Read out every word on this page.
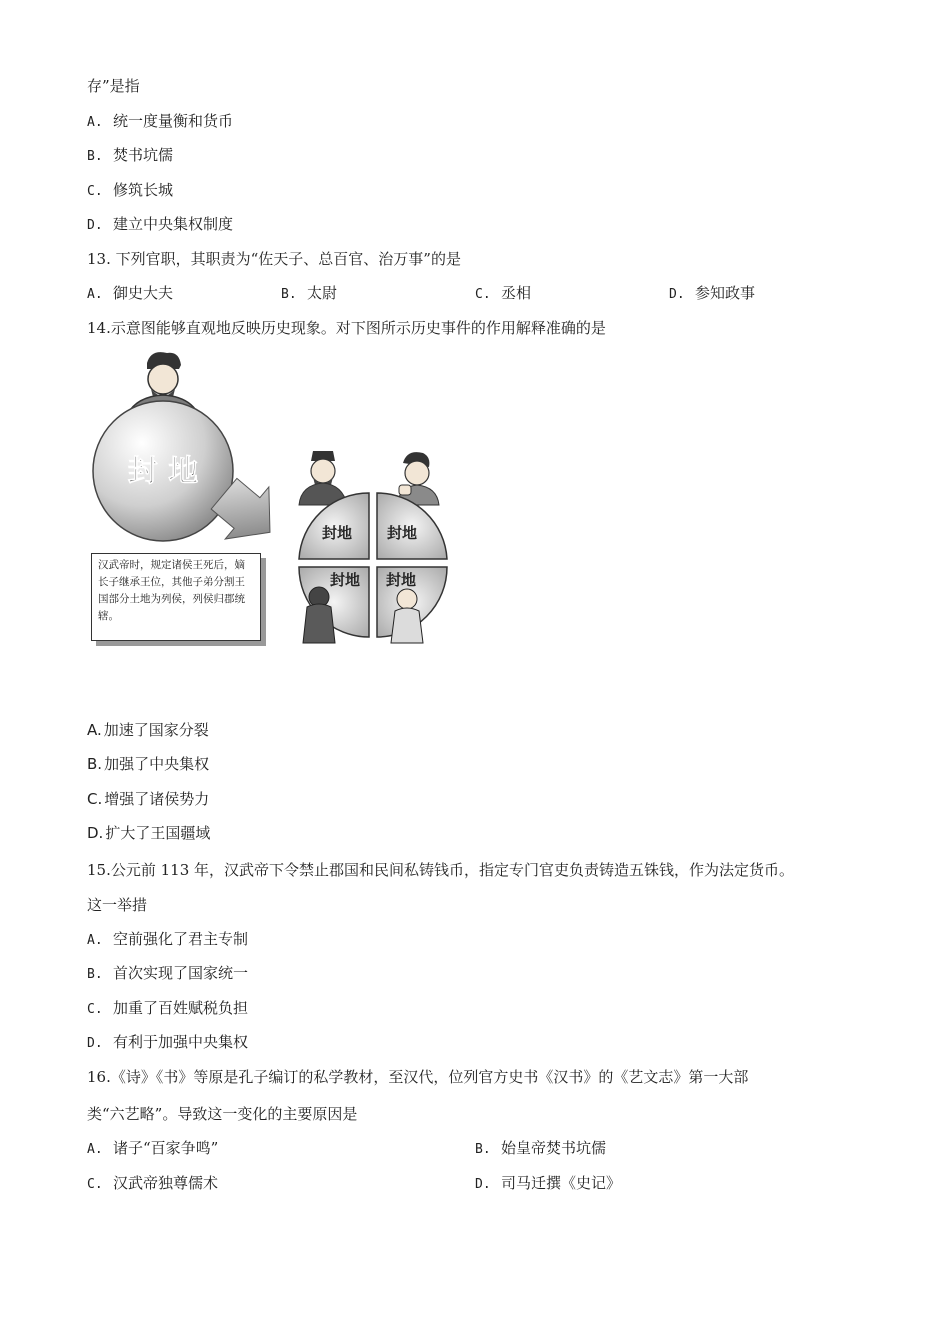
存”是指
A. 统一度量衡和货币
B. 焚书坑儒
C. 修筑长城
D. 建立中央集权制度
13. 下列官职，其职责为“佐天子、总百官、治万事”的是
A. 御史大夫	B. 太尉	C. 丞相	D. 参知政事
14.示意图能够直观地反映历史现象。对下图所示历史事件的作用解释准确的是
封 地
封地 封地
封地 封地
汉武帝时，规定诸侯王死后，嫡长子继承王位，其他子弟分割王国部分土地为列侯，列侯归郡统辖。
A. 加速了国家分裂
B. 加强了中央集权
C. 增强了诸侯势力
D. 扩大了王国疆域
15.公元前 113 年，汉武帝下令禁止郡国和民间私铸钱币，指定专门官吏负责铸造五铢钱，作为法定货币。
这一举措
A. 空前强化了君主专制
B. 首次实现了国家统一
C. 加重了百姓赋税负担
D. 有利于加强中央集权
16.《诗》《书》等原是孔子编订的私学教材，至汉代，位列官方史书《汉书》的《艺文志》第一大部
类“六艺略”。导致这一变化的主要原因是
A. 诸子“百家争鸣”	B. 始皇帝焚书坑儒
C. 汉武帝独尊儒术	D. 司马迁撰《史记》
